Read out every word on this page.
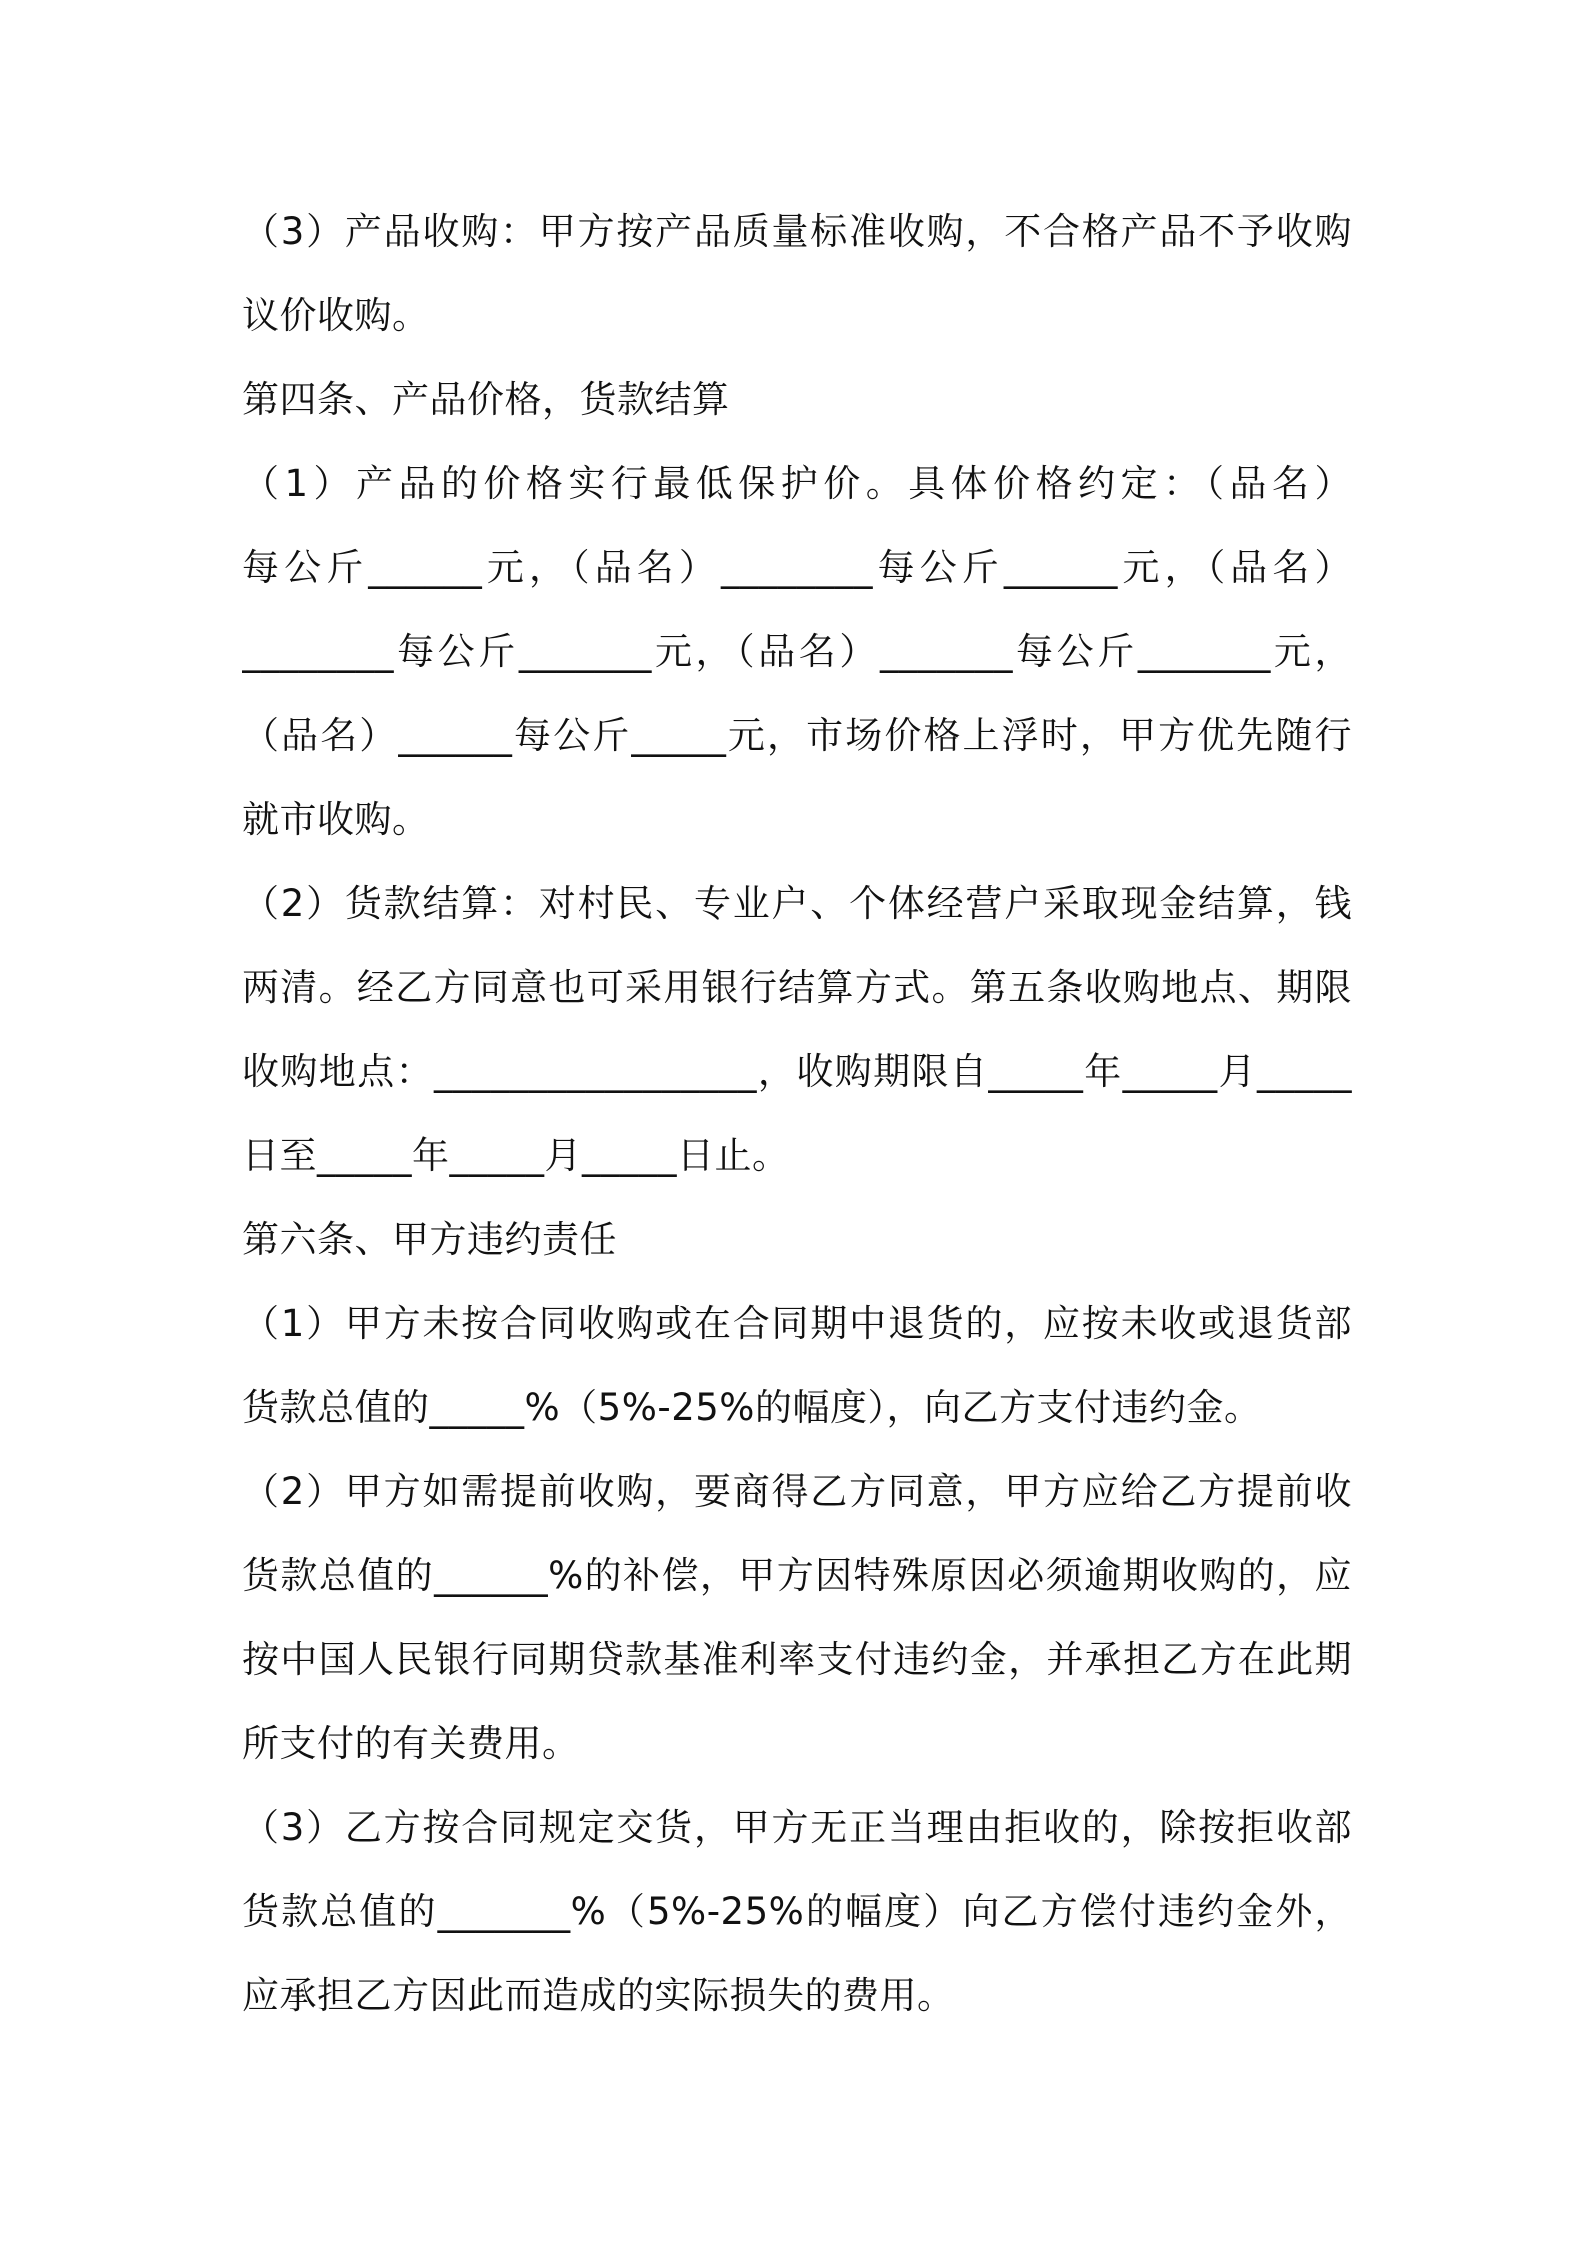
（3）产品收购：甲方按产品质量标准收购，不合格产品不予收购
议价收购。
第四条、产品价格，货款结算
（1）产品的价格实行最低保护价。具体价格约定：（品名）
每公斤______元，（品名）________每公斤______元，（品名）
________每公斤_______元，（品名）_______每公斤_______元，
（品名）______每公斤_____元，市场价格上浮时，甲方优先随行
就市收购。
（2）货款结算：对村民、专业户、个体经营户采取现金结算，钱
两清。经乙方同意也可采用银行结算方式。第五条收购地点、期限
收购地点：_________________，收购期限自_____年_____月_____
日至_____年_____月_____日止。
第六条、甲方违约责任
（1）甲方未按合同收购或在合同期中退货的，应按未收或退货部
货款总值的_____%（5%-25%的幅度），向乙方支付违约金。
（2）甲方如需提前收购，要商得乙方同意，甲方应给乙方提前收
货款总值的______%的补偿，甲方因特殊原因必须逾期收购的，应
按中国人民银行同期贷款基准利率支付违约金，并承担乙方在此期
所支付的有关费用。
（3）乙方按合同规定交货，甲方无正当理由拒收的，除按拒收部
货款总值的_______%（5%-25%的幅度）向乙方偿付违约金外，
应承担乙方因此而造成的实际损失的费用。
